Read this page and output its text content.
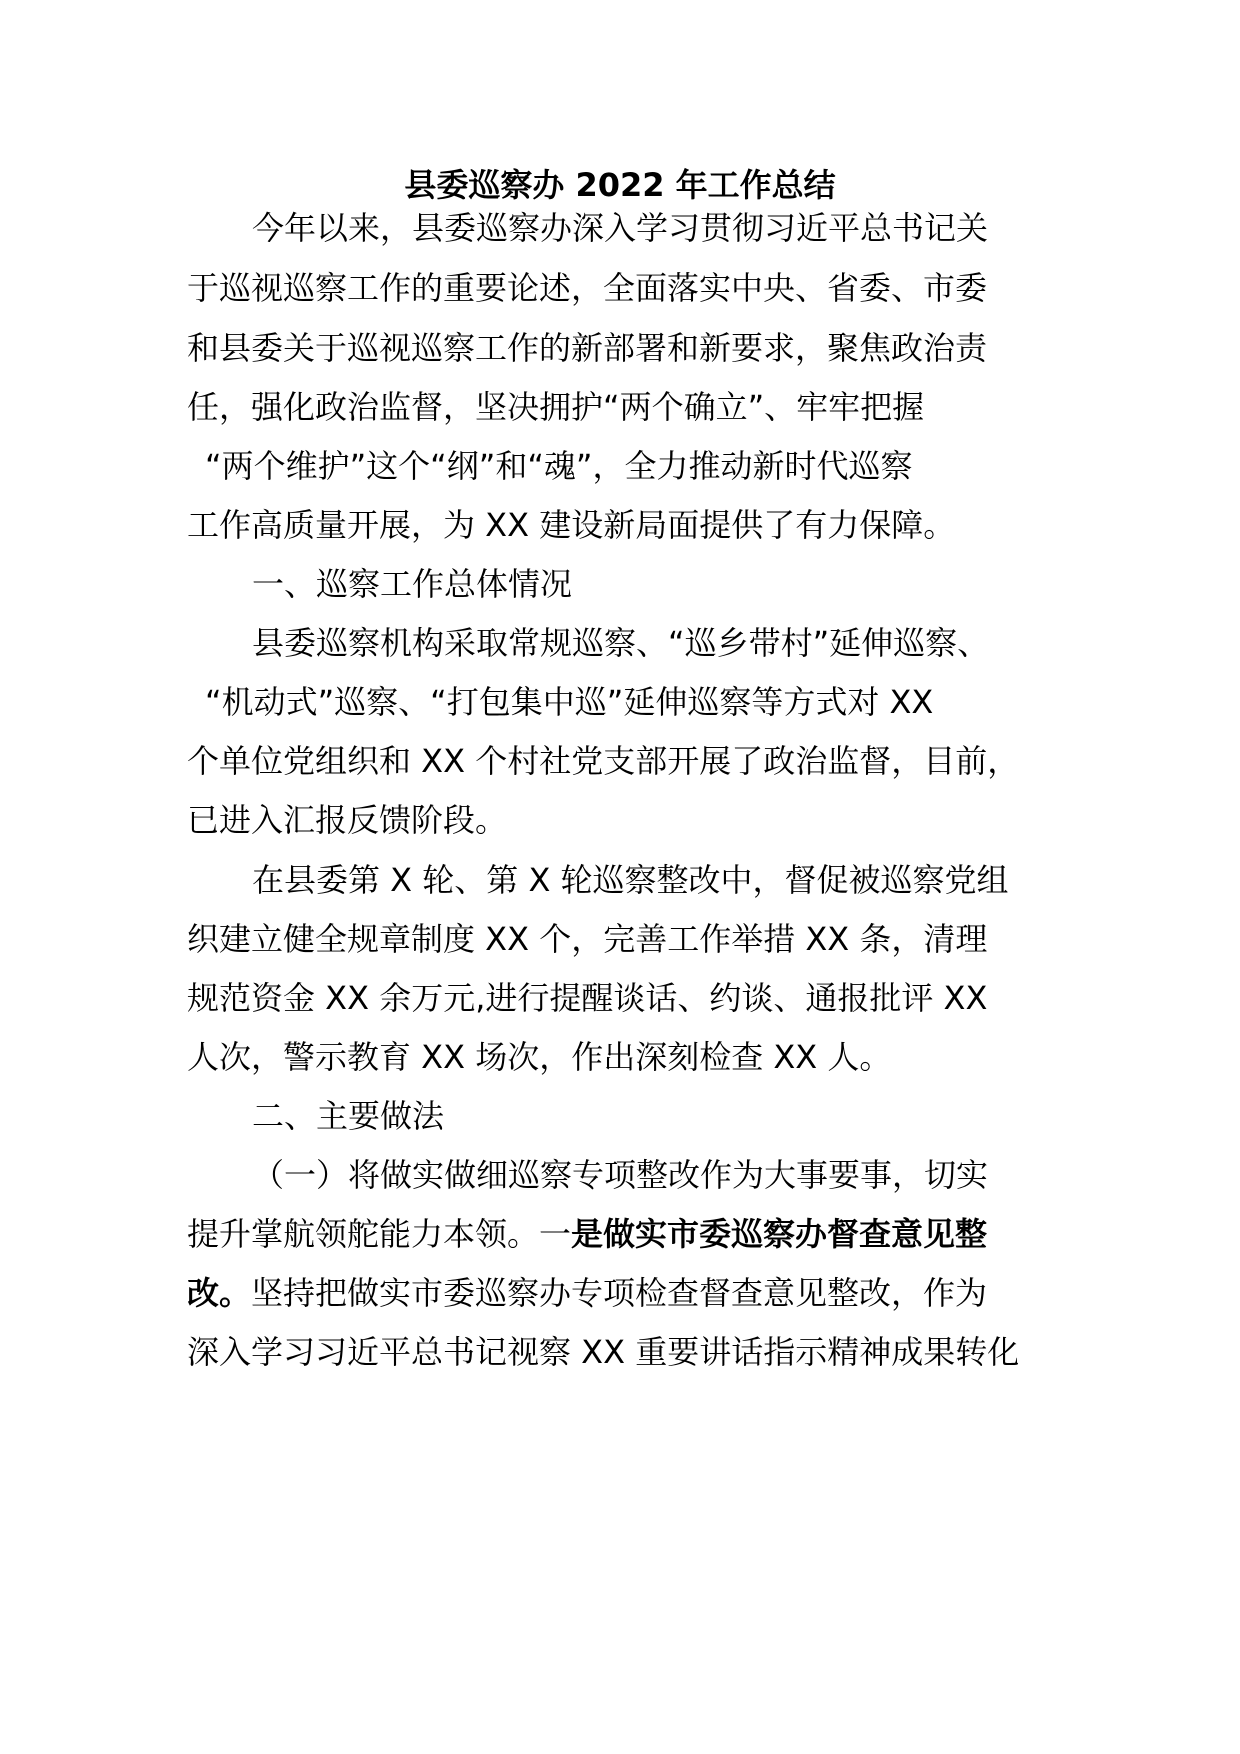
县委巡察办 2022 年工作总结
今年以来，县委巡察办深入学习贯彻习近平总书记关
于巡视巡察工作的重要论述，全面落实中央、省委、市委
和县委关于巡视巡察工作的新部署和新要求，聚焦政治责
任，强化政治监督，坚决拥护“两个确立”、牢牢把握
“两个维护”这个“纲”和“魂”，全力推动新时代巡察
工作高质量开展，为 XX 建设新局面提供了有力保障。
一、巡察工作总体情况
县委巡察机构采取常规巡察、“巡乡带村”延伸巡察、
“机动式”巡察、“打包集中巡”延伸巡察等方式对 XX
个单位党组织和 XX 个村社党支部开展了政治监督，目前，
已进入汇报反馈阶段。
在县委第 X 轮、第 X 轮巡察整改中，督促被巡察党组
织建立健全规章制度 XX 个，完善工作举措 XX 条，清理
规范资金 XX 余万元,进行提醒谈话、约谈、通报批评 XX
人次，警示教育 XX 场次，作出深刻检查 XX 人。
二、主要做法
（一）将做实做细巡察专项整改作为大事要事，切实
提升掌航领舵能力本领。一是做实市委巡察办督查意见整
改。坚持把做实市委巡察办专项检查督查意见整改，作为
深入学习习近平总书记视察 XX 重要讲话指示精神成果转化
